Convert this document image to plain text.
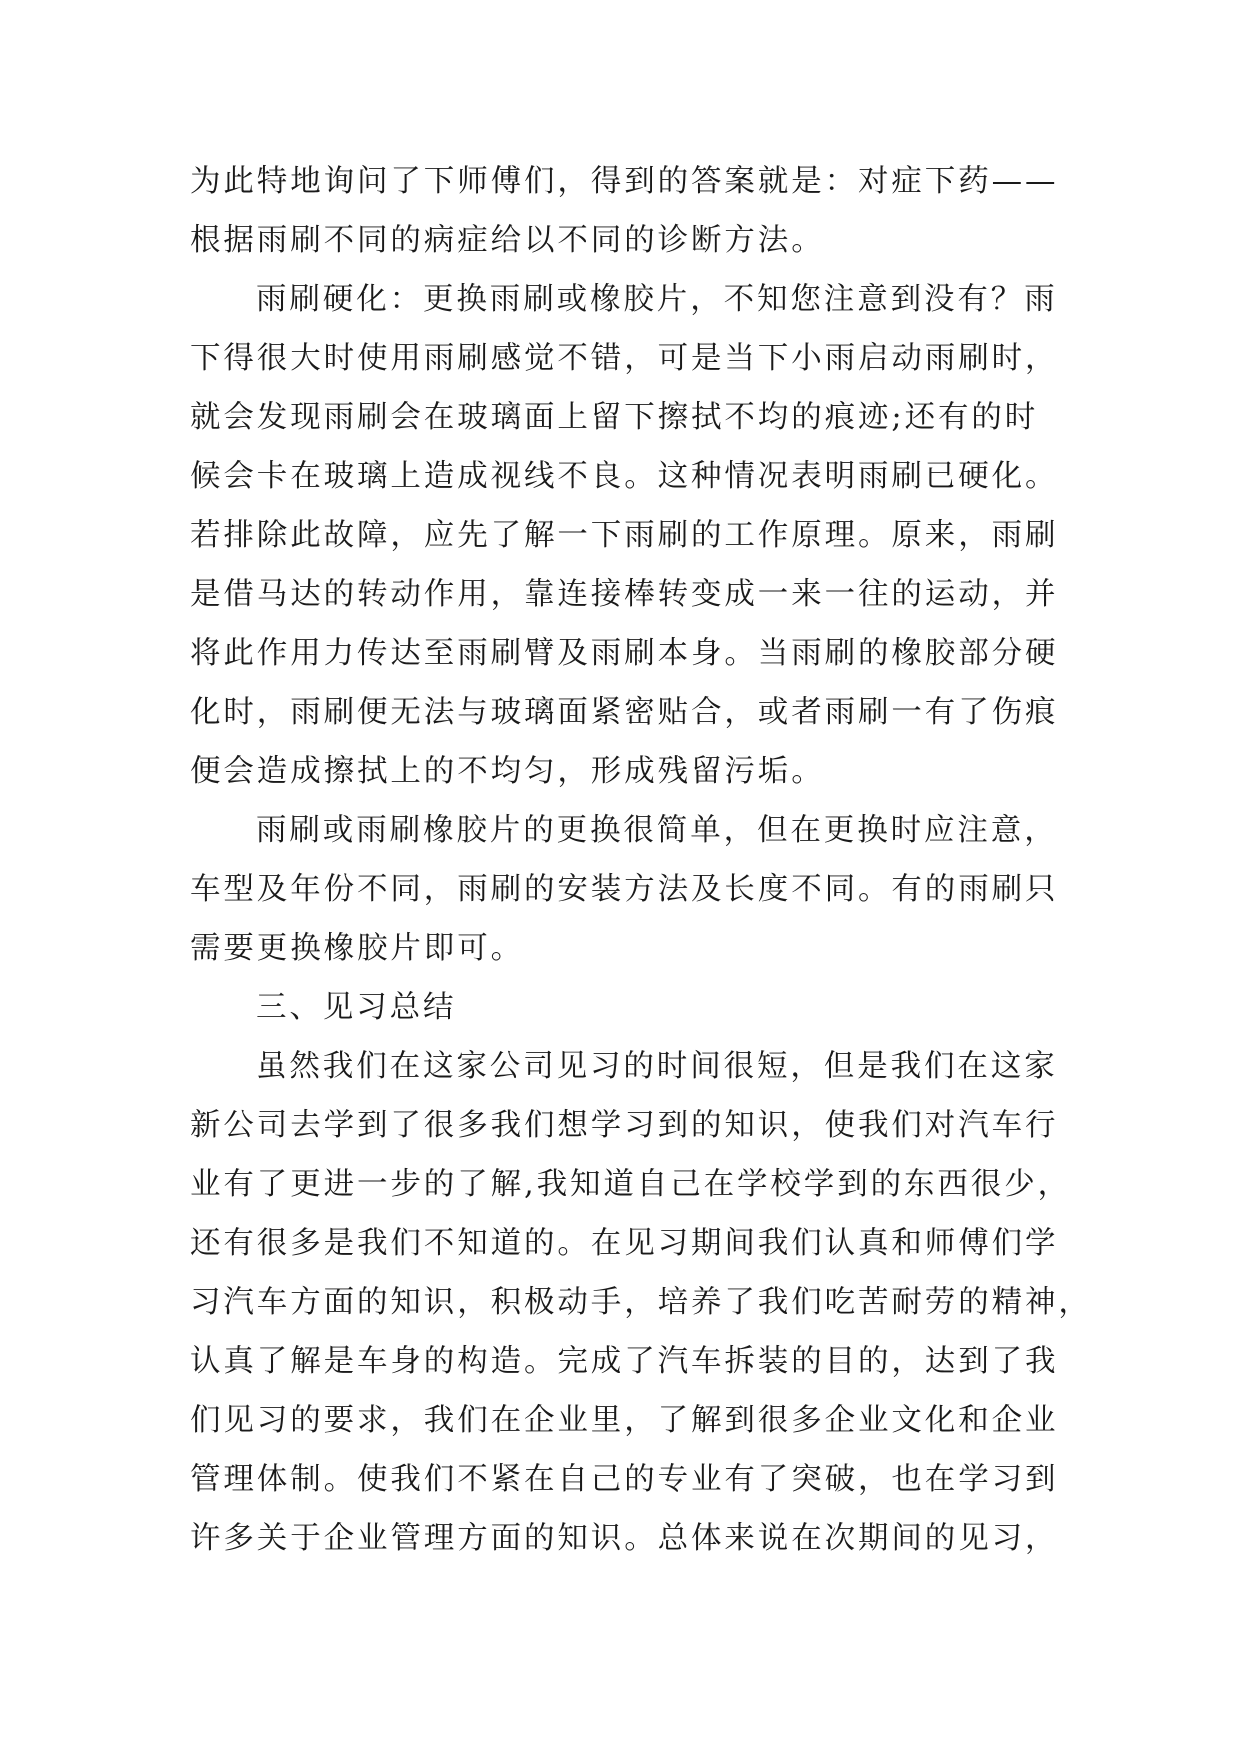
为此特地询问了下师傅们，得到的答案就是：对症下药——
根据雨刷不同的病症给以不同的诊断方法。
雨刷硬化：更换雨刷或橡胶片，不知您注意到没有？雨
下得很大时使用雨刷感觉不错，可是当下小雨启动雨刷时，
就会发现雨刷会在玻璃面上留下擦拭不均的痕迹;还有的时
候会卡在玻璃上造成视线不良。这种情况表明雨刷已硬化。
若排除此故障，应先了解一下雨刷的工作原理。原来，雨刷
是借马达的转动作用，靠连接棒转变成一来一往的运动，并
将此作用力传达至雨刷臂及雨刷本身。当雨刷的橡胶部分硬
化时，雨刷便无法与玻璃面紧密贴合，或者雨刷一有了伤痕
便会造成擦拭上的不均匀，形成残留污垢。
雨刷或雨刷橡胶片的更换很简单，但在更换时应注意，
车型及年份不同，雨刷的安装方法及长度不同。有的雨刷只
需要更换橡胶片即可。
三、见习总结
虽然我们在这家公司见习的时间很短，但是我们在这家
新公司去学到了很多我们想学习到的知识，使我们对汽车行
业有了更进一步的了解,我知道自己在学校学到的东西很少，
还有很多是我们不知道的。在见习期间我们认真和师傅们学
习汽车方面的知识，积极动手，培养了我们吃苦耐劳的精神，
认真了解是车身的构造。完成了汽车拆装的目的，达到了我
们见习的要求，我们在企业里，了解到很多企业文化和企业
管理体制。使我们不紧在自己的专业有了突破，也在学习到
许多关于企业管理方面的知识。总体来说在次期间的见习，
